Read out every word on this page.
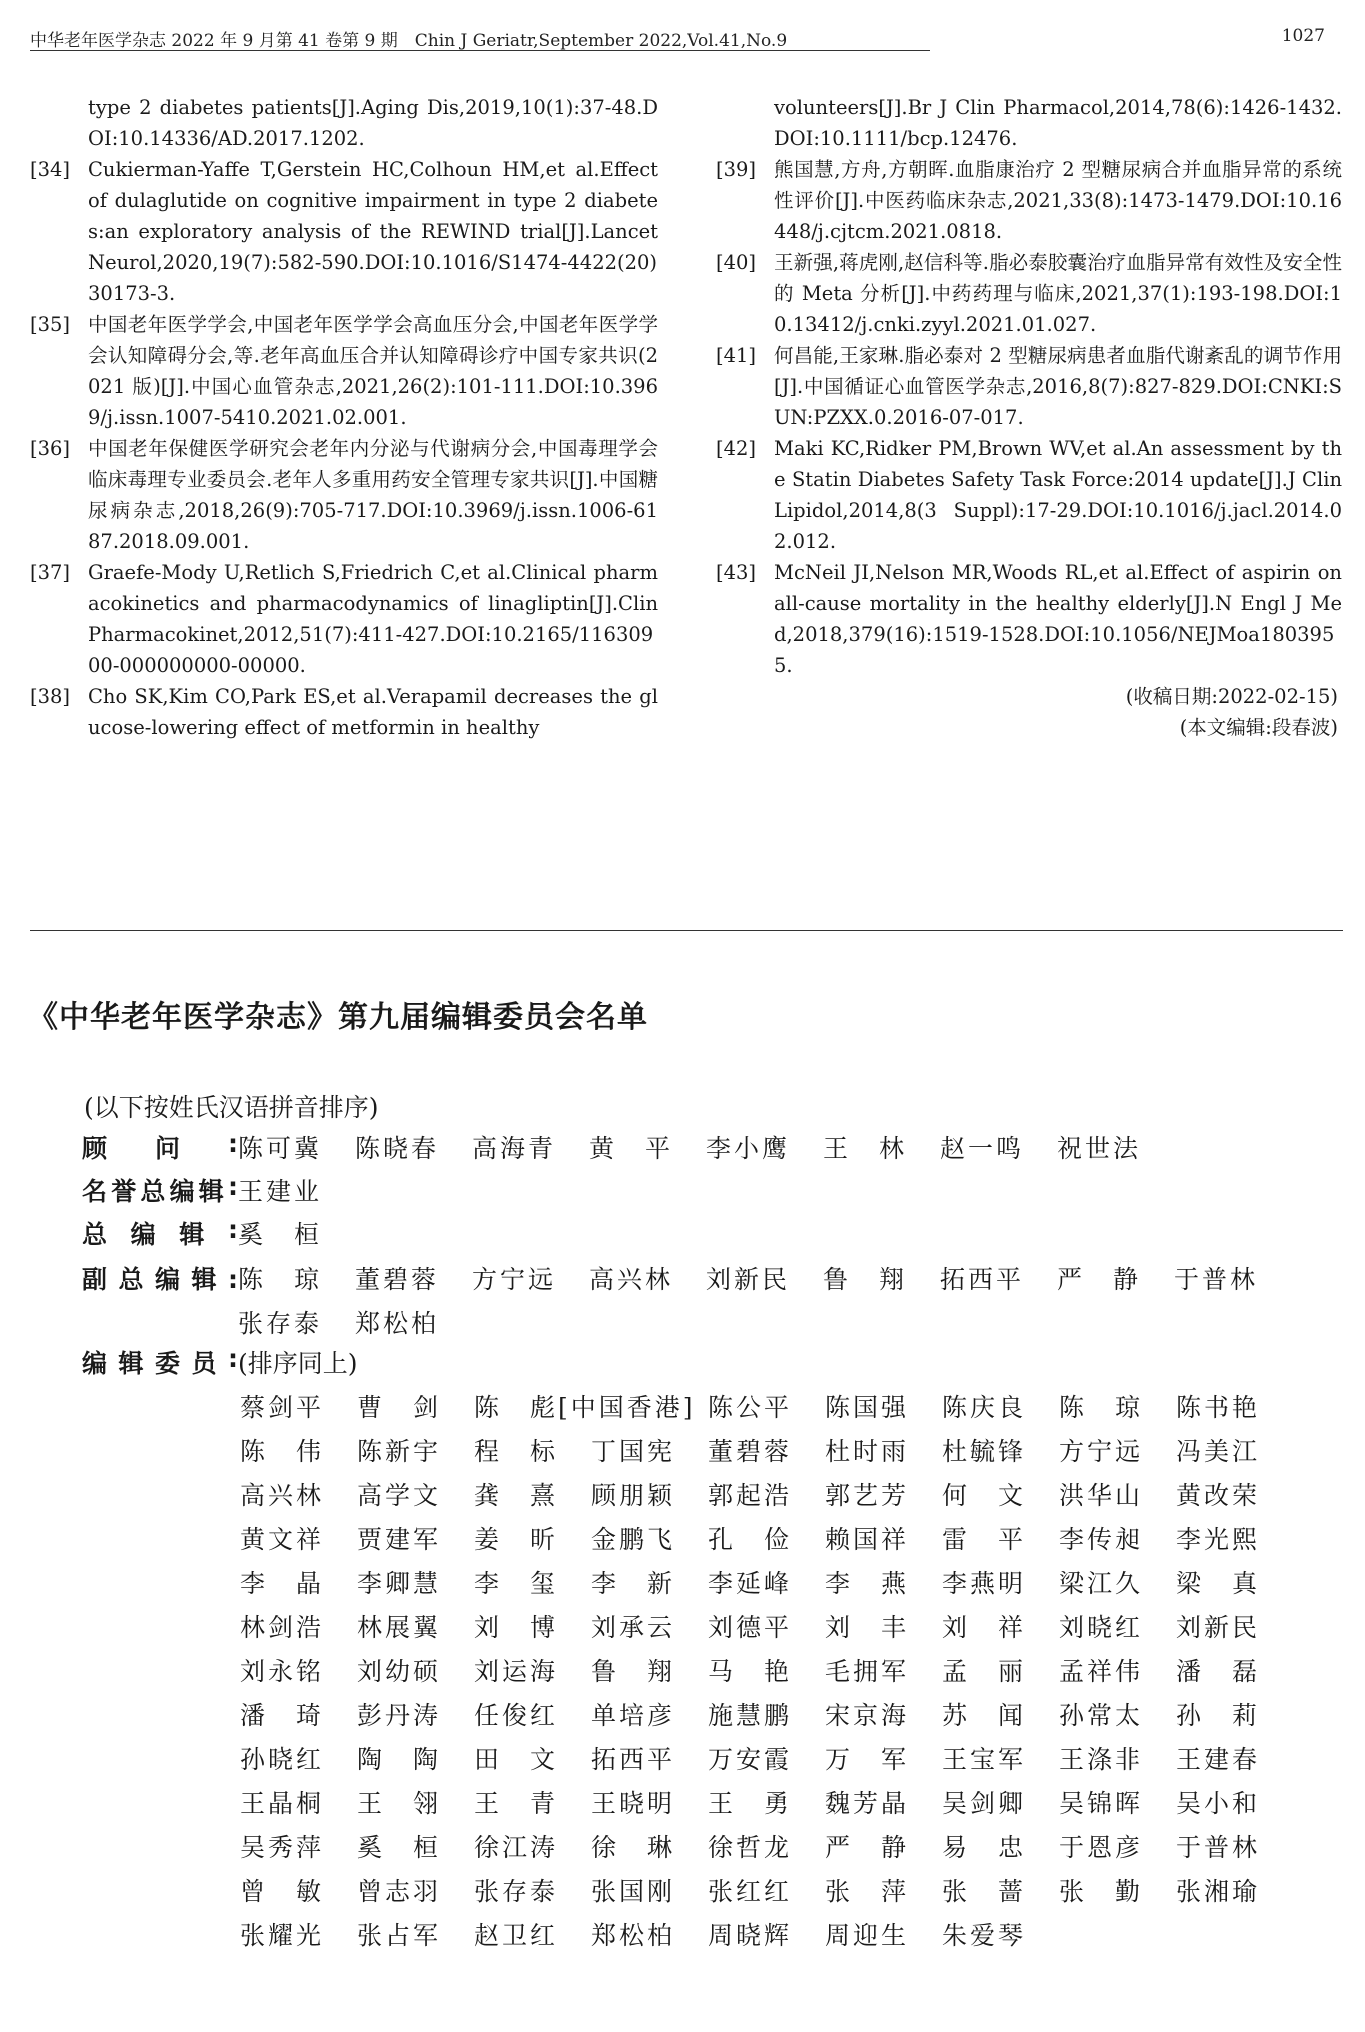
中华老年医学杂志 2022 年 9 月第 41 卷第 9 期　Chin J Geriatr,September 2022,Vol.41,No.9	1027
type 2 diabetes patients[J].Aging Dis,2019,10(1):37-48.DOI:10.14336/AD.2017.1202.
[34] Cukierman-Yaffe T,Gerstein HC,Colhoun HM,et al.Effect of dulaglutide on cognitive impairment in type 2 diabetes:an exploratory analysis of the REWIND trial[J].Lancet Neurol,2020,19(7):582-590.DOI:10.1016/S1474-4422(20)30173-3.
[35] 中国老年医学学会,中国老年医学学会高血压分会,中国老年医学学会认知障碍分会,等.老年高血压合并认知障碍诊疗中国专家共识(2021 版)[J].中国心血管杂志,2021,26(2):101-111.DOI:10.3969/j.issn.1007-5410.2021.02.001.
[36] 中国老年保健医学研究会老年内分泌与代谢病分会,中国毒理学会临床毒理专业委员会.老年人多重用药安全管理专家共识[J].中国糖尿病杂志,2018,26(9):705-717.DOI:10.3969/j.issn.1006-6187.2018.09.001.
[37] Graefe-Mody U,Retlich S,Friedrich C,et al.Clinical pharmacokinetics and pharmacodynamics of linagliptin[J].Clin Pharmacokinet,2012,51(7):411-427.DOI:10.2165/11630900-000000000-00000.
[38] Cho SK,Kim CO,Park ES,et al.Verapamil decreases the glucose-lowering effect of metformin in healthy
volunteers[J].Br J Clin Pharmacol,2014,78(6):1426-1432.DOI:10.1111/bcp.12476.
[39] 熊国慧,方舟,方朝晖.血脂康治疗 2 型糖尿病合并血脂异常的系统性评价[J].中医药临床杂志,2021,33(8):1473-1479.DOI:10.16448/j.cjtcm.2021.0818.
[40] 王新强,蒋虎刚,赵信科等.脂必泰胶囊治疗血脂异常有效性及安全性的 Meta 分析[J].中药药理与临床,2021,37(1):193-198.DOI:10.13412/j.cnki.zyyl.2021.01.027.
[41] 何昌能,王家琳.脂必泰对 2 型糖尿病患者血脂代谢紊乱的调节作用[J].中国循证心血管医学杂志,2016,8(7):827-829.DOI:CNKI:SUN:PZXX.0.2016-07-017.
[42] Maki KC,Ridker PM,Brown WV,et al.An assessment by the Statin Diabetes Safety Task Force:2014 update[J].J Clin Lipidol,2014,8(3 Suppl):17-29.DOI:10.1016/j.jacl.2014.02.012.
[43] McNeil JI,Nelson MR,Woods RL,et al.Effect of aspirin onall-cause mortality in the healthy elderly[J].N Engl J Med,2018,379(16):1519-1528.DOI:10.1056/NEJMoa1803955.

(收稿日期:2022-02-15)

(本文编辑:段春波)

《中华老年医学杂志》第九届编辑委员会名单
(以下按姓氏汉语拼音排序)
顾 问 : 陈可冀	陈晓春	高海青	黄　平	李小鹰	王　林	赵一鸣	祝世法
名 誉 总 编 辑 : 王建业
总 编 辑 : 奚　桓
副 总 编 辑 : 陈　琼	董碧蓉	方宁远	高兴林	刘新民	鲁　翔	拓西平	严　静	于普林
张存泰	郑松柏
编 辑 委 员 : (排序同上)
蔡剑平	曹　剑	陈　彪[中国香港] 陈公平	陈国强	陈庆良	陈　琼	陈书艳
陈　伟	陈新宇	程　标	丁国宪	董碧蓉	杜时雨	杜毓锋	方宁远	冯美江
高兴林	高学文	龚　熹	顾朋颖	郭起浩	郭艺芳	何　文	洪华山	黄改荣
黄文祥	贾建军	姜　昕	金鹏飞	孔　俭	赖国祥	雷　平	李传昶	李光熙
李　晶	李卿慧	李　玺	李　新	李延峰	李　燕	李燕明	梁江久	梁　真
林剑浩	林展翼	刘　博	刘承云	刘德平	刘　丰	刘　祥	刘晓红	刘新民
刘永铭	刘幼硕	刘运海	鲁　翔	马　艳	毛拥军	孟　丽	孟祥伟	潘　磊
潘　琦	彭丹涛	任俊红	单培彦	施慧鹏	宋京海	苏　闻	孙常太	孙　莉
孙晓红	陶　陶	田　文	拓西平	万安霞	万　军	王宝军	王涤非	王建春
王晶桐	王　翎	王　青	王晓明	王　勇	魏芳晶	吴剑卿	吴锦晖	吴小和
吴秀萍	奚　桓	徐江涛	徐　琳	徐哲龙	严　静	易　忠	于恩彦	于普林
曾　敏	曾志羽	张存泰	张国刚	张红红	张　萍	张　蔷	张　勤	张湘瑜
张耀光	张占军	赵卫红	郑松柏	周晓辉	周迎生	朱爱琴
